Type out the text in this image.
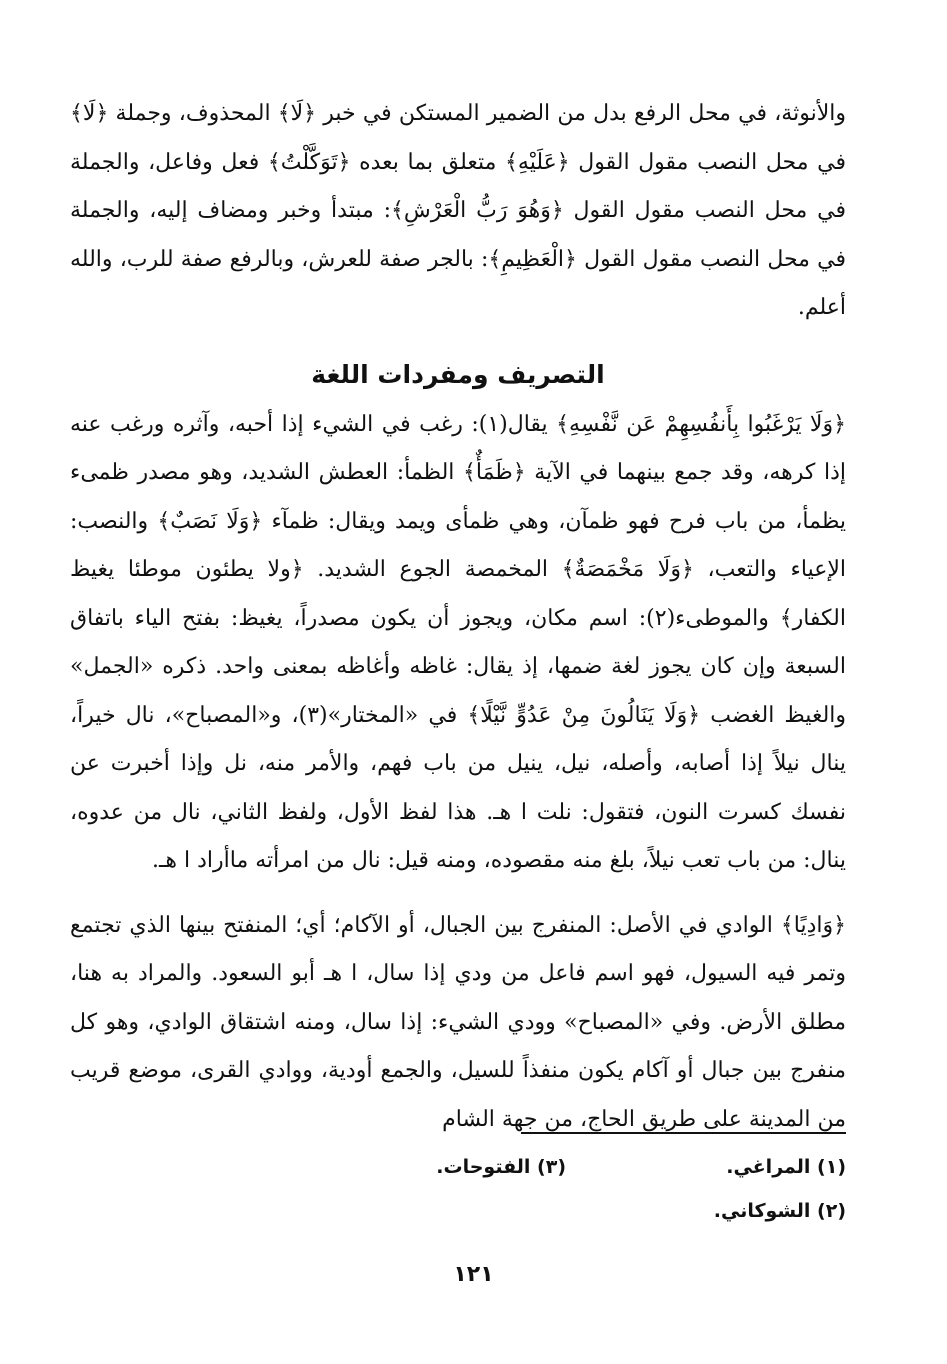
والأنوثة، في محل الرفع بدل من الضمير المستكن في خبر ﴿لَا﴾ المحذوف، وجملة ﴿لَا﴾ في محل النصب مقول القول ﴿عَلَيْهِ﴾ متعلق بما بعده ﴿تَوَكَّلْتُ﴾ فعل وفاعل، والجملة في محل النصب مقول القول ﴿وَهُوَ رَبُّ الْعَرْشِ﴾: مبتدأ وخبر ومضاف إليه، والجملة في محل النصب مقول القول ﴿الْعَظِيمِ﴾: بالجر صفة للعرش، وبالرفع صفة للرب، والله أعلم.

التصريف ومفردات اللغة

﴿وَلَا يَرْغَبُوا بِأَنفُسِهِمْ عَن نَّفْسِهِ﴾ يقال(١): رغب في الشيء إذا أحبه، وآثره ورغب عنه إذا كرهه، وقد جمع بينهما في الآية ﴿ظَمَأٌ﴾ الظمأ: العطش الشديد، وهو مصدر ظمىء يظمأ، من باب فرح فهو ظمآن، وهي ظمأى ويمد ويقال: ظمآء ﴿وَلَا نَصَبٌ﴾ والنصب: الإعياء والتعب، ﴿وَلَا مَخْمَصَةٌ﴾ المخمصة الجوع الشديد. ﴿ولا يطئون موطئا يغيظ الكفار﴾ والموطىء(٢): اسم مكان، ويجوز أن يكون مصدراً، يغيظ: بفتح الياء باتفاق السبعة وإن كان يجوز لغة ضمها، إذ يقال: غاظه وأغاظه بمعنى واحد. ذكره «الجمل» والغيظ الغضب ﴿وَلَا يَنَالُونَ مِنْ عَدُوٍّ نَّيْلًا﴾ في «المختار»(٣)، و«المصباح»، نال خيراً، ينال نيلاً إذا أصابه، وأصله، نيل، ينيل من باب فهم، والأمر منه، نل وإذا أخبرت عن نفسك كسرت النون، فتقول: نلت ا هـ. هذا لفظ الأول، ولفظ الثاني، نال من عدوه، ينال: من باب تعب نيلاً، بلغ منه مقصوده، ومنه قيل: نال من امرأته ماأراد ا هـ.

﴿وَادِيًا﴾ الوادي في الأصل: المنفرج بين الجبال، أو الآكام؛ أي؛ المنفتح بينها الذي تجتمع وتمر فيه السيول، فهو اسم فاعل من ودي إذا سال، ا هـ أبو السعود. والمراد به هنا، مطلق الأرض. وفي «المصباح» وودي الشيء: إذا سال، ومنه اشتقاق الوادي، وهو كل منفرج بين جبال أو آكام يكون منفذاً للسيل، والجمع أودية، ووادي القرى، موضع قريب من المدينة على طريق الحاج، من جهة الشام

(١) المراغي.
(٣) الفتوحات.
(٢) الشوكاني.
١٢١
